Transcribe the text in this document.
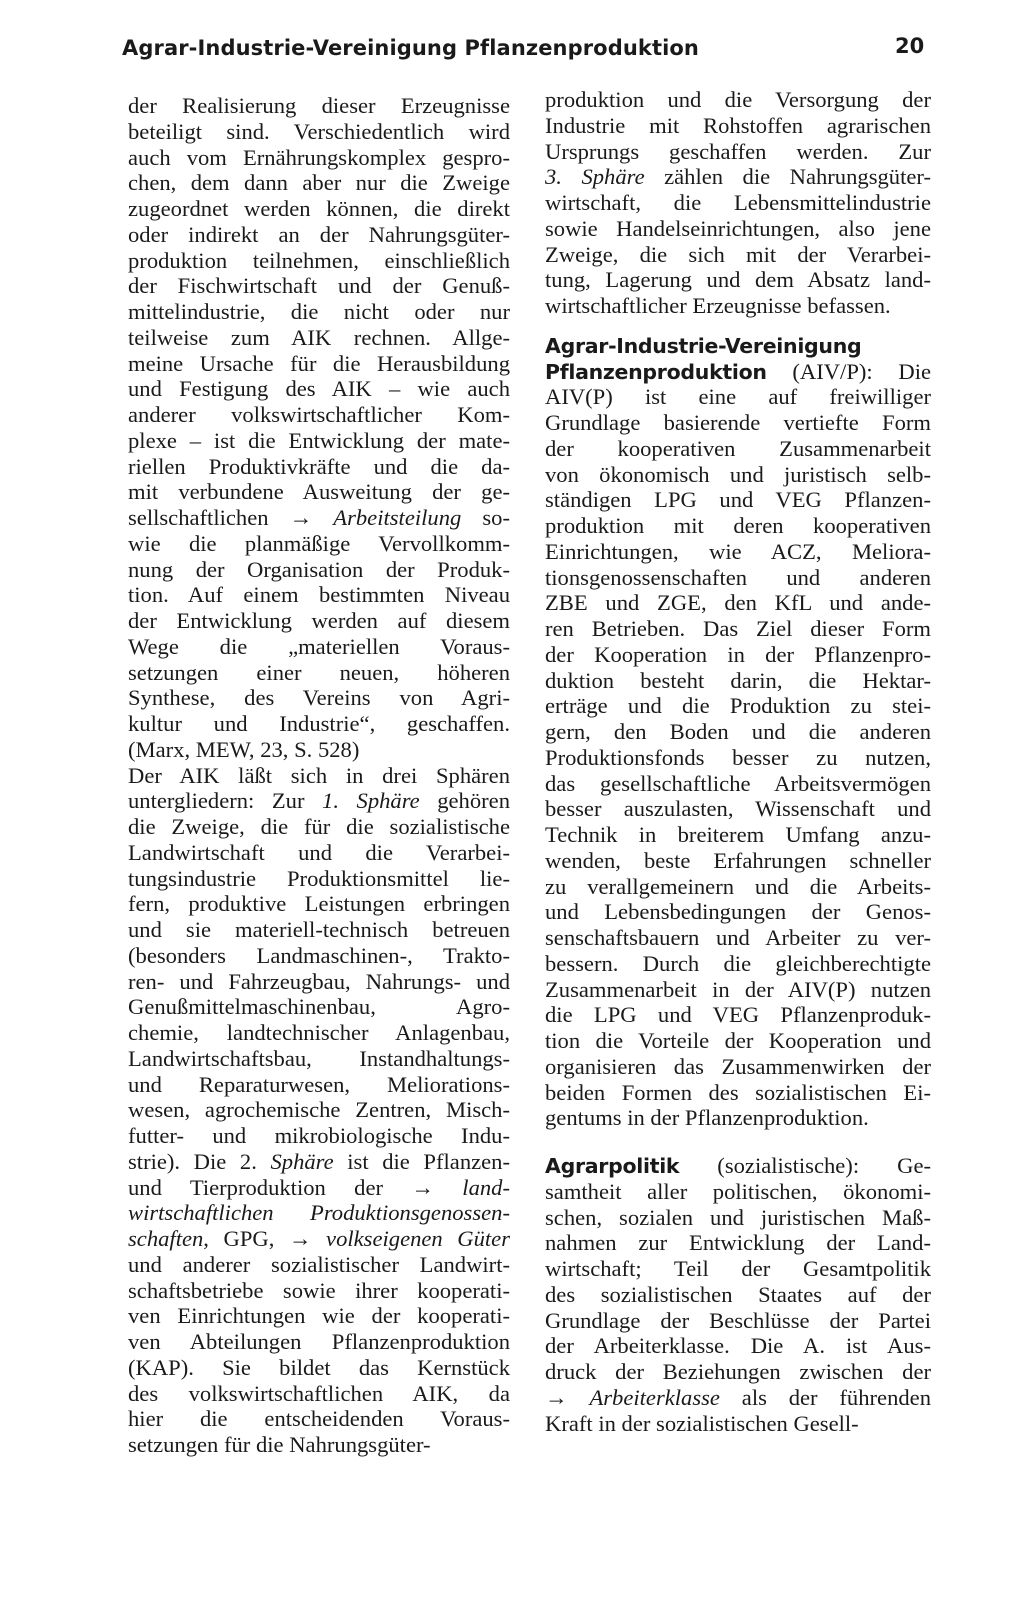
Agrar-Industrie-Vereinigung Pflanzenproduktion	20
der Realisierung dieser Erzeugnisse
beteiligt sind. Verschiedentlich wird
auch vom Ernährungskomplex gespro-
chen, dem dann aber nur die Zweige
zugeordnet werden können, die direkt
oder indirekt an der Nahrungsgüter-
produktion teilnehmen, einschließlich
der Fischwirtschaft und der Genuß-
mittelindustrie, die nicht oder nur
teilweise zum AIK rechnen. Allge-
meine Ursache für die Herausbildung
und Festigung des AIK – wie auch
anderer volkswirtschaftlicher Kom-
plexe – ist die Entwicklung der mate-
riellen Produktivkräfte und die da-
mit verbundene Ausweitung der ge-
sellschaftlichen → Arbeitsteilung so-
wie die planmäßige Vervollkomm-
nung der Organisation der Produk-
tion. Auf einem bestimmten Niveau
der Entwicklung werden auf diesem
Wege die „materiellen Voraus-
setzungen einer neuen, höheren
Synthese, des Vereins von Agri-
kultur und Industrie“, geschaffen.
(Marx, MEW, 23, S. 528)
Der AIK läßt sich in drei Sphären
untergliedern: Zur 1. Sphäre gehören
die Zweige, die für die sozialistische
Landwirtschaft und die Verarbei-
tungsindustrie Produktionsmittel lie-
fern, produktive Leistungen erbringen
und sie materiell-technisch betreuen
(besonders Landmaschinen-, Trakto-
ren- und Fahrzeugbau, Nahrungs- und
Genußmittelmaschinenbau, Agro-
chemie, landtechnischer Anlagenbau,
Landwirtschaftsbau, Instandhaltungs-
und Reparaturwesen, Meliorations-
wesen, agrochemische Zentren, Misch-
futter- und mikrobiologische Indu-
strie). Die 2. Sphäre ist die Pflanzen-
und Tierproduktion der → land-
wirtschaftlichen Produktionsgenossen-
schaften, GPG, → volkseigenen Güter
und anderer sozialistischer Landwirt-
schaftsbetriebe sowie ihrer kooperati-
ven Einrichtungen wie der kooperati-
ven Abteilungen Pflanzenproduktion
(KAP). Sie bildet das Kernstück
des volkswirtschaftlichen AIK, da
hier die entscheidenden Voraus-
setzungen für die Nahrungsgüter-
produktion und die Versorgung der
Industrie mit Rohstoffen agrarischen
Ursprungs geschaffen werden. Zur
3. Sphäre zählen die Nahrungsgüter-
wirtschaft, die Lebensmittelindustrie
sowie Handelseinrichtungen, also jene
Zweige, die sich mit der Verarbei-
tung, Lagerung und dem Absatz land-
wirtschaftlicher Erzeugnisse befassen.
Agrar-Industrie-Vereinigung
Pflanzenproduktion (AIV/P): Die
AIV(P) ist eine auf freiwilliger
Grundlage basierende vertiefte Form
der kooperativen Zusammenarbeit
von ökonomisch und juristisch selb-
ständigen LPG und VEG Pflanzen-
produktion mit deren kooperativen
Einrichtungen, wie ACZ, Meliora-
tionsgenossenschaften und anderen
ZBE und ZGE, den KfL und ande-
ren Betrieben. Das Ziel dieser Form
der Kooperation in der Pflanzenpro-
duktion besteht darin, die Hektar-
erträge und die Produktion zu stei-
gern, den Boden und die anderen
Produktionsfonds besser zu nutzen,
das gesellschaftliche Arbeitsvermögen
besser auszulasten, Wissenschaft und
Technik in breiterem Umfang anzu-
wenden, beste Erfahrungen schneller
zu verallgemeinern und die Arbeits-
und Lebensbedingungen der Genos-
senschaftsbauern und Arbeiter zu ver-
bessern. Durch die gleichberechtigte
Zusammenarbeit in der AIV(P) nutzen
die LPG und VEG Pflanzenproduk-
tion die Vorteile der Kooperation und
organisieren das Zusammenwirken der
beiden Formen des sozialistischen Ei-
gentums in der Pflanzenproduktion.
Agrarpolitik (sozialistische): Ge-
samtheit aller politischen, ökonomi-
schen, sozialen und juristischen Maß-
nahmen zur Entwicklung der Land-
wirtschaft; Teil der Gesamtpolitik
des sozialistischen Staates auf der
Grundlage der Beschlüsse der Partei
der Arbeiterklasse. Die A. ist Aus-
druck der Beziehungen zwischen der
→ Arbeiterklasse als der führenden
Kraft in der sozialistischen Gesell-
